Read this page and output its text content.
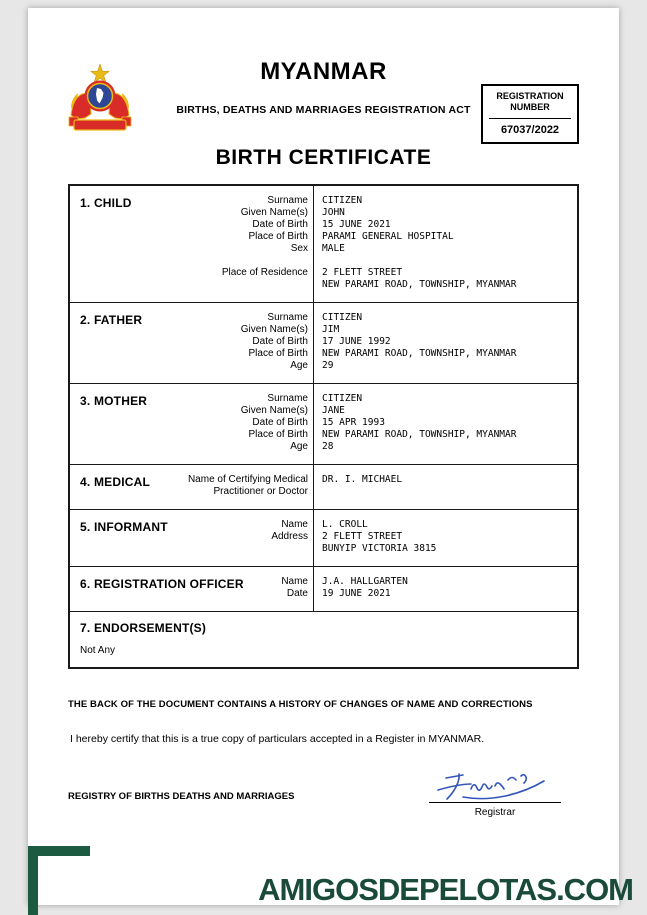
MYANMAR
BIRTHS, DEATHS AND MARRIAGES REGISTRATION ACT
REGISTRATION NUMBER
67037/2022
BIRTH CERTIFICATE
1. CHILD	Surname CITIZEN
Given Name(s) JOHN
Date of Birth 15 JUNE 2021
Place of Birth PARAMI GENERAL HOSPITAL
Sex MALE
Place of Residence 2 FLETT STREET
NEW PARAMI ROAD, TOWNSHIP, MYANMAR
2. FATHER	Surname CITIZEN
Given Name(s) JIM
Date of Birth 17 JUNE 1992
Place of Birth NEW PARAMI ROAD, TOWNSHIP, MYANMAR
Age 29
3. MOTHER	Surname CITIZEN
Given Name(s) JANE
Date of Birth 15 APR 1993
Place of Birth NEW PARAMI ROAD, TOWNSHIP, MYANMAR
Age 28
4. MEDICAL	Name of Certifying Medical Practitioner or Doctor
DR. I. MICHAEL
5. INFORMANT	Name L. CROLL
Address 2 FLETT STREET
BUNYIP VICTORIA 3815
6. REGISTRATION OFFICER	Name J.A. HALLGARTEN
Date 19 JUNE 2021
7. ENDORSEMENT(S)
Not Any
THE BACK OF THE DOCUMENT CONTAINS A HISTORY OF CHANGES OF NAME AND CORRECTIONS
I hereby certify that this is a true copy of particulars accepted in a Register in MYANMAR.
REGISTRY OF BIRTHS DEATHS AND MARRIAGES
Registrar
AMIGOSDEPELOTAS.COM
